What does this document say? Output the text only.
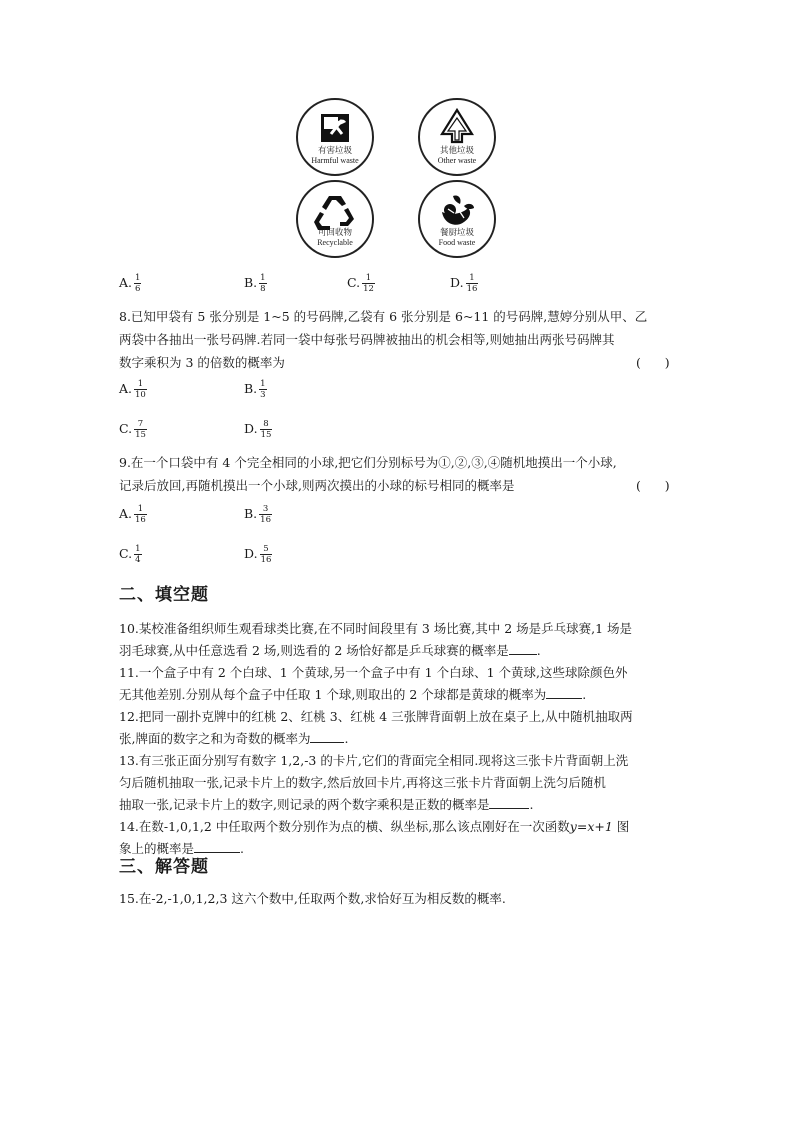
有害垃圾
Harmful waste
其他垃圾
Other waste
可回收物
Recyclable
餐厨垃圾
Food waste
A. $\frac{1}{6}$	B. $\frac{1}{8}$	C. $\frac{1}{12}$	D. $\frac{1}{16}$
8.已知甲袋有 5 张分别是 1~5 的号码牌,乙袋有 6 张分别是 6~11 的号码牌,慧婷分别从甲、乙
两袋中各抽出一张号码牌.若同一袋中每张号码牌被抽出的机会相等,则她抽出两张号码牌其
数字乘积为 3 的倍数的概率为	(      )
A. $\frac{1}{10}$	B. $\frac{1}{3}$
C. $\frac{7}{15}$	D. $\frac{8}{15}$
9.在一个口袋中有 4 个完全相同的小球,把它们分别标号为①,②,③,④随机地摸出一个小球,
记录后放回,再随机摸出一个小球,则两次摸出的小球的标号相同的概率是	(      )
A. $\frac{1}{16}$	B. $\frac{3}{16}$
C. $\frac{1}{4}$	D. $\frac{5}{16}$
二、填空题
10.某校准备组织师生观看球类比赛,在不同时间段里有 3 场比赛,其中 2 场是乒乓球赛,1 场是
羽毛球赛,从中任意选看 2 场,则选看的 2 场恰好都是乒乓球赛的概率是 .
11.一个盒子中有 2 个白球、1 个黄球,另一个盒子中有 1 个白球、1 个黄球,这些球除颜色外
无其他差别.分别从每个盒子中任取 1 个球,则取出的 2 个球都是黄球的概率为	.
12.把同一副扑克牌中的红桃 2、红桃 3、红桃 4 三张牌背面朝上放在桌子上,从中随机抽取两
张,牌面的数字之和为奇数的概率为	.
13.有三张正面分别写有数字 1,2,-3 的卡片,它们的背面完全相同.现将这三张卡片背面朝上洗
匀后随机抽取一张,记录卡片上的数字,然后放回卡片,再将这三张卡片背面朝上洗匀后随机
抽取一张,记录卡片上的数字,则记录的两个数字乘积是正数的概率是	.
14.在数-1,0,1,2 中任取两个数分别作为点的横、纵坐标,那么该点刚好在一次函数y=x+1 图
象上的概率是	.
三、解答题
15.在-2,-1,0,1,2,3 这六个数中,任取两个数,求恰好互为相反数的概率.
